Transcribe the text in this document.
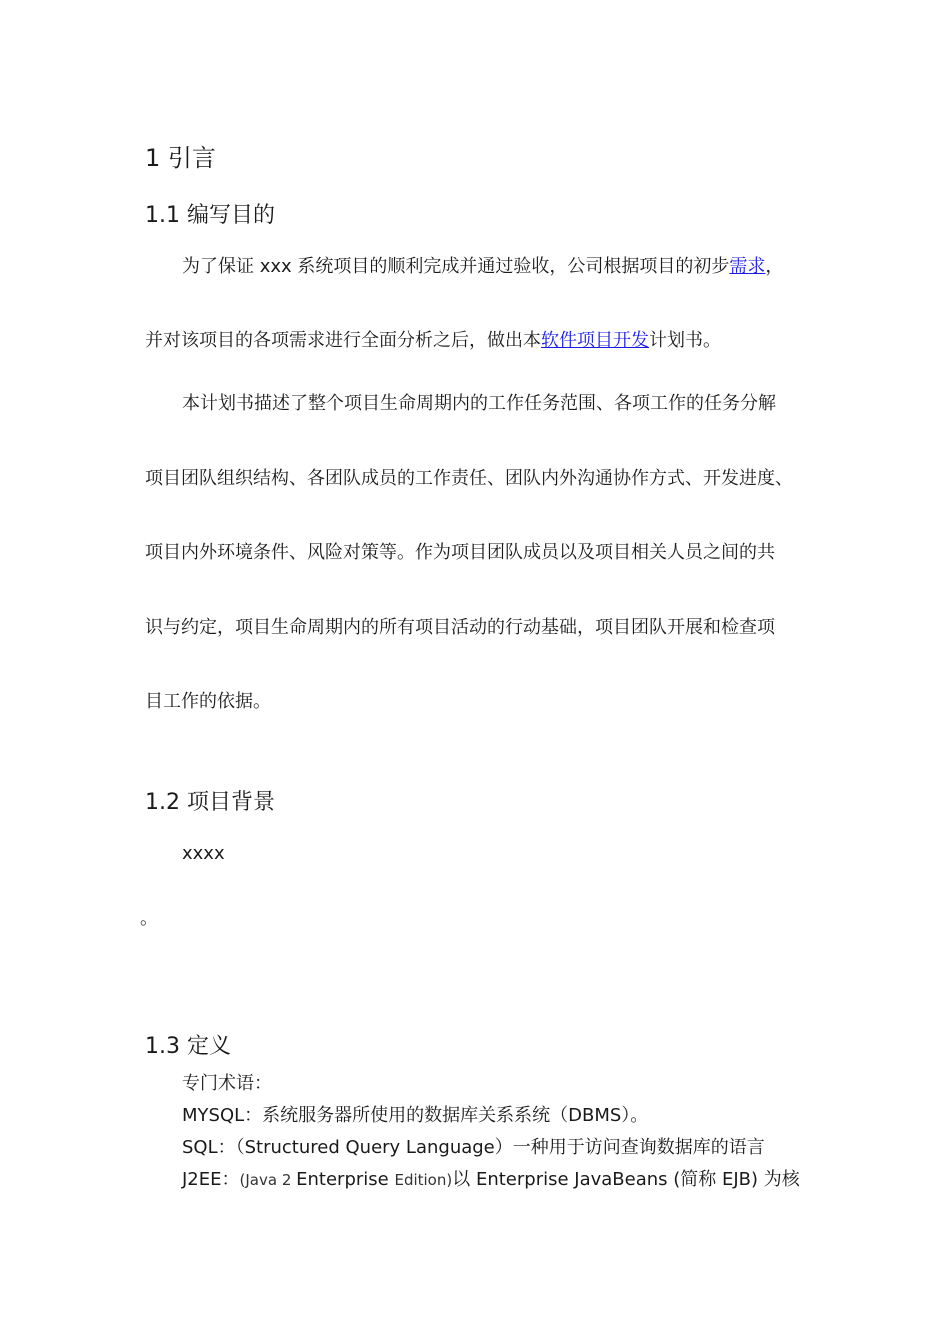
1 引言
1.1 编写目的

为了保证 xxx 系统项目的顺利完成并通过验收，公司根据项目的初步需求，

并对该项目的各项需求进行全面分析之后，做出本软件项目开发计划书。

本计划书描述了整个项目生命周期内的工作任务范围、各项工作的任务分解

项目团队组织结构、各团队成员的工作责任、团队内外沟通协作方式、开发进度、

项目内外环境条件、风险对策等。作为项目团队成员以及项目相关人员之间的共

识与约定，项目生命周期内的所有项目活动的行动基础，项目团队开展和检查项

目工作的依据。

1.2 项目背景

xxxx

。

1.3 定义

专门术语：

MYSQL：系统服务器所使用的数据库关系系统（DBMS）。

SQL：（Structured Query Language）一种用于访问查询数据库的语言

J2EE：(Java 2 Enterprise Edition)以 Enterprise JavaBeans (简称 EJB) 为核
